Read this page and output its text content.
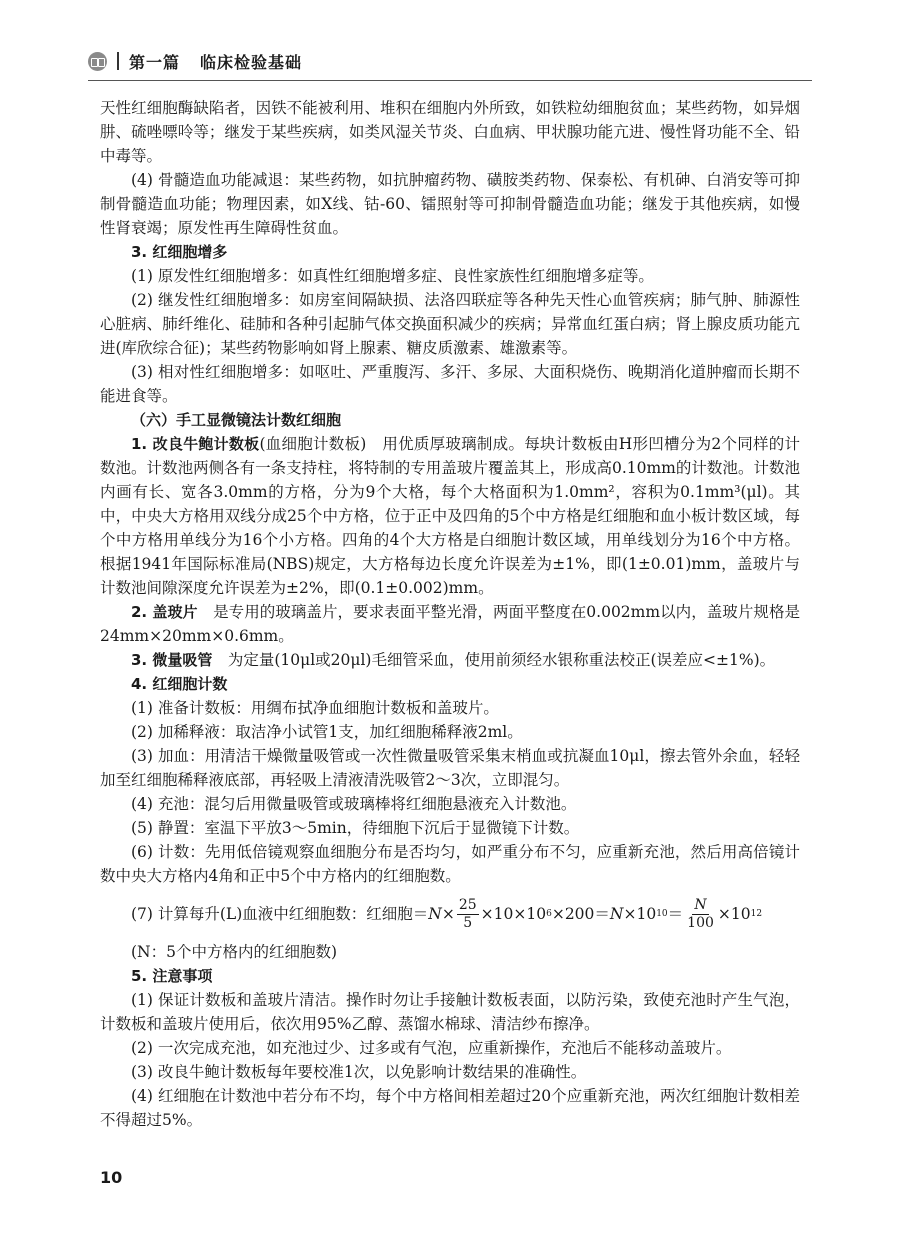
第一篇 临床检验基础

天性红细胞酶缺陷者，因铁不能被利用、堆积在细胞内外所致，如铁粒幼细胞贫血；某些药物，如异烟肼、硫唑嘌呤等；继发于某些疾病，如类风湿关节炎、白血病、甲状腺功能亢进、慢性肾功能不全、铅中毒等。

(4) 骨髓造血功能减退：某些药物，如抗肿瘤药物、磺胺类药物、保泰松、有机砷、白消安等可抑制骨髓造血功能；物理因素，如X线、钴-60、镭照射等可抑制骨髓造血功能；继发于其他疾病，如慢性肾衰竭；原发性再生障碍性贫血。

3. 红细胞增多

(1) 原发性红细胞增多：如真性红细胞增多症、良性家族性红细胞增多症等。

(2) 继发性红细胞增多：如房室间隔缺损、法洛四联症等各种先天性心血管疾病；肺气肿、肺源性心脏病、肺纤维化、硅肺和各种引起肺气体交换面积减少的疾病；异常血红蛋白病；肾上腺皮质功能亢进(库欣综合征)；某些药物影响如肾上腺素、糖皮质激素、雄激素等。

(3) 相对性红细胞增多：如呕吐、严重腹泻、多汗、多尿、大面积烧伤、晚期消化道肿瘤而长期不能进食等。

（六）手工显微镜法计数红细胞

1. 改良牛鲍计数板(血细胞计数板)　用优质厚玻璃制成。每块计数板由H形凹槽分为2个同样的计数池。计数池两侧各有一条支持柱，将特制的专用盖玻片覆盖其上，形成高0.10mm的计数池。计数池内画有长、宽各3.0mm的方格，分为9个大格，每个大格面积为1.0mm²，容积为0.1mm³(μl)。其中，中央大方格用双线分成25个中方格，位于正中及四角的5个中方格是红细胞和血小板计数区域，每个中方格用单线分为16个小方格。四角的4个大方格是白细胞计数区域，用单线划分为16个中方格。根据1941年国际标准局(NBS)规定，大方格每边长度允许误差为±1%，即(1±0.01)mm，盖玻片与计数池间隙深度允许误差为±2%，即(0.1±0.002)mm。

2. 盖玻片　是专用的玻璃盖片，要求表面平整光滑，两面平整度在0.002mm以内，盖玻片规格是24mm×20mm×0.6mm。

3. 微量吸管　为定量(10μl或20μl)毛细管采血，使用前须经水银称重法校正(误差应<±1%)。

4. 红细胞计数

(1) 准备计数板：用绸布拭净血细胞计数板和盖玻片。

(2) 加稀释液：取洁净小试管1支，加红细胞稀释液2ml。

(3) 加血：用清洁干燥微量吸管或一次性微量吸管采集末梢血或抗凝血10μl，擦去管外余血，轻轻加至红细胞稀释液底部，再轻吸上清液清洗吸管2～3次，立即混匀。

(4) 充池：混匀后用微量吸管或玻璃棒将红细胞悬液充入计数池。

(5) 静置：室温下平放3～5min，待细胞下沉后于显微镜下计数。

(6) 计数：先用低倍镜观察血细胞分布是否均匀，如严重分布不匀，应重新充池，然后用高倍镜计数中央大方格内4角和正中5个中方格内的红细胞数。

(7) 计算每升(L)血液中红细胞数：红细胞＝ $N \times \frac{25}{5} \times 10\times 10$ 6 ×200＝ N ×10 $10 = \frac{N}{100} \times 10$ 12

(N：5个中方格内的红细胞数)

5. 注意事项

(1) 保证计数板和盖玻片清洁。操作时勿让手接触计数板表面，以防污染，致使充池时产生气泡，计数板和盖玻片使用后，依次用95%乙醇、蒸馏水棉球、清洁纱布擦净。

(2) 一次完成充池，如充池过少、过多或有气泡，应重新操作，充池后不能移动盖玻片。

(3) 改良牛鲍计数板每年要校准1次，以免影响计数结果的准确性。

(4) 红细胞在计数池中若分布不均，每个中方格间相差超过20个应重新充池，两次红细胞计数相差不得超过5%。

10
